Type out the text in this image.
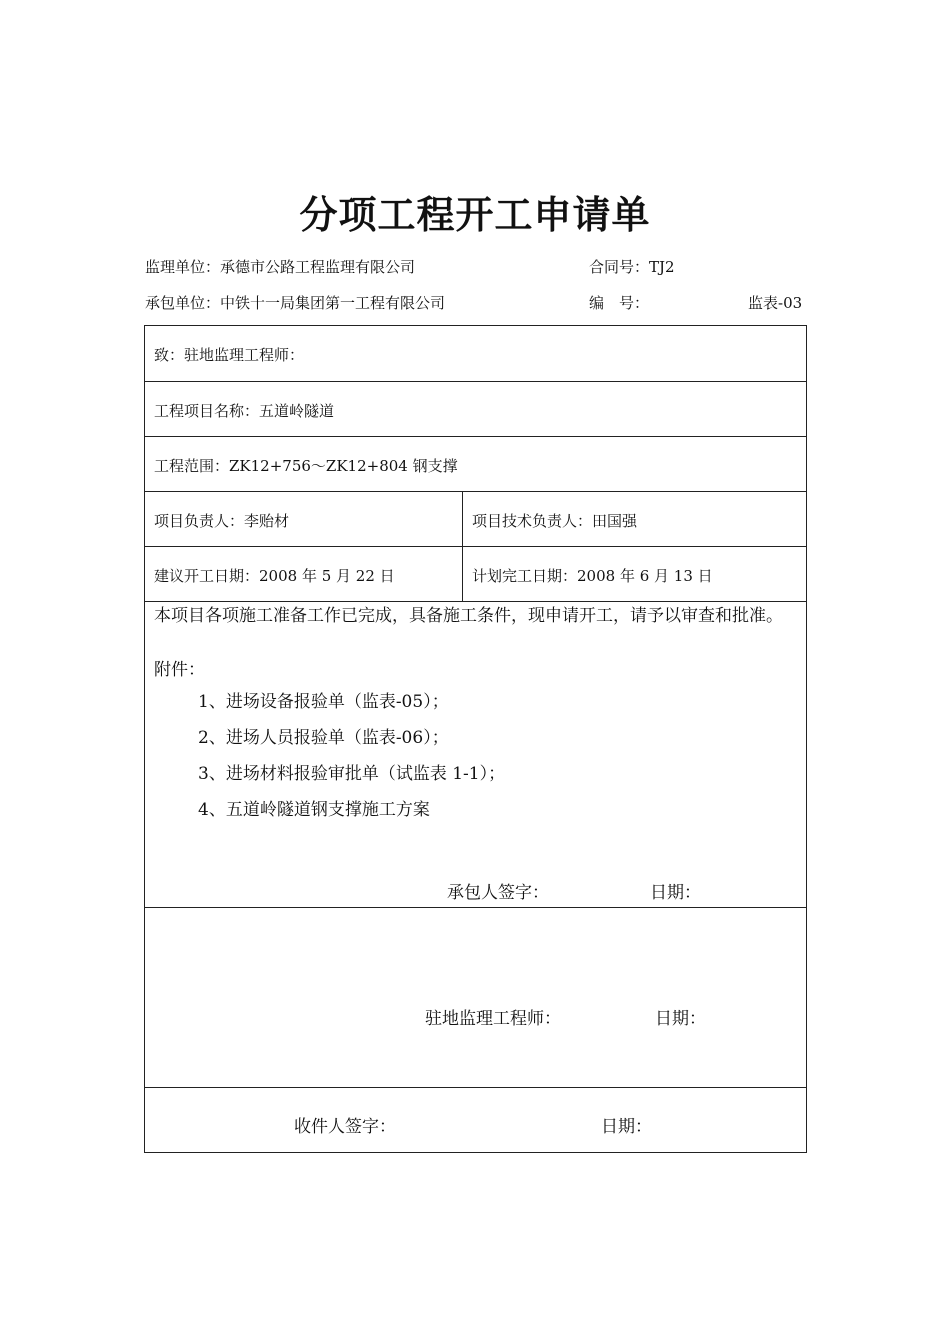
分项工程开工申请单
监理单位：承德市公路工程监理有限公司	合同号：TJ2
承包单位：中铁十一局集团第一工程有限公司	编　号：	监表-03
致：驻地监理工程师：
工程项目名称：五道岭隧道
工程范围：ZK12+756～ZK12+804 钢支撑
项目负责人：李贻材	项目技术负责人：田国强
建议开工日期：2008 年 5 月 22 日	计划完工日期：2008 年 6 月 13 日
本项目各项施工准备工作已完成，具备施工条件，现申请开工，请予以审查和批准。
附件：
1、进场设备报验单（监表-05）；
2、进场人员报验单（监表-06）；
3、进场材料报验审批单（试监表 1-1）；
4、五道岭隧道钢支撑施工方案
承包人签字：	日期：
驻地监理工程师：	日期：
收件人签字：	日期：
